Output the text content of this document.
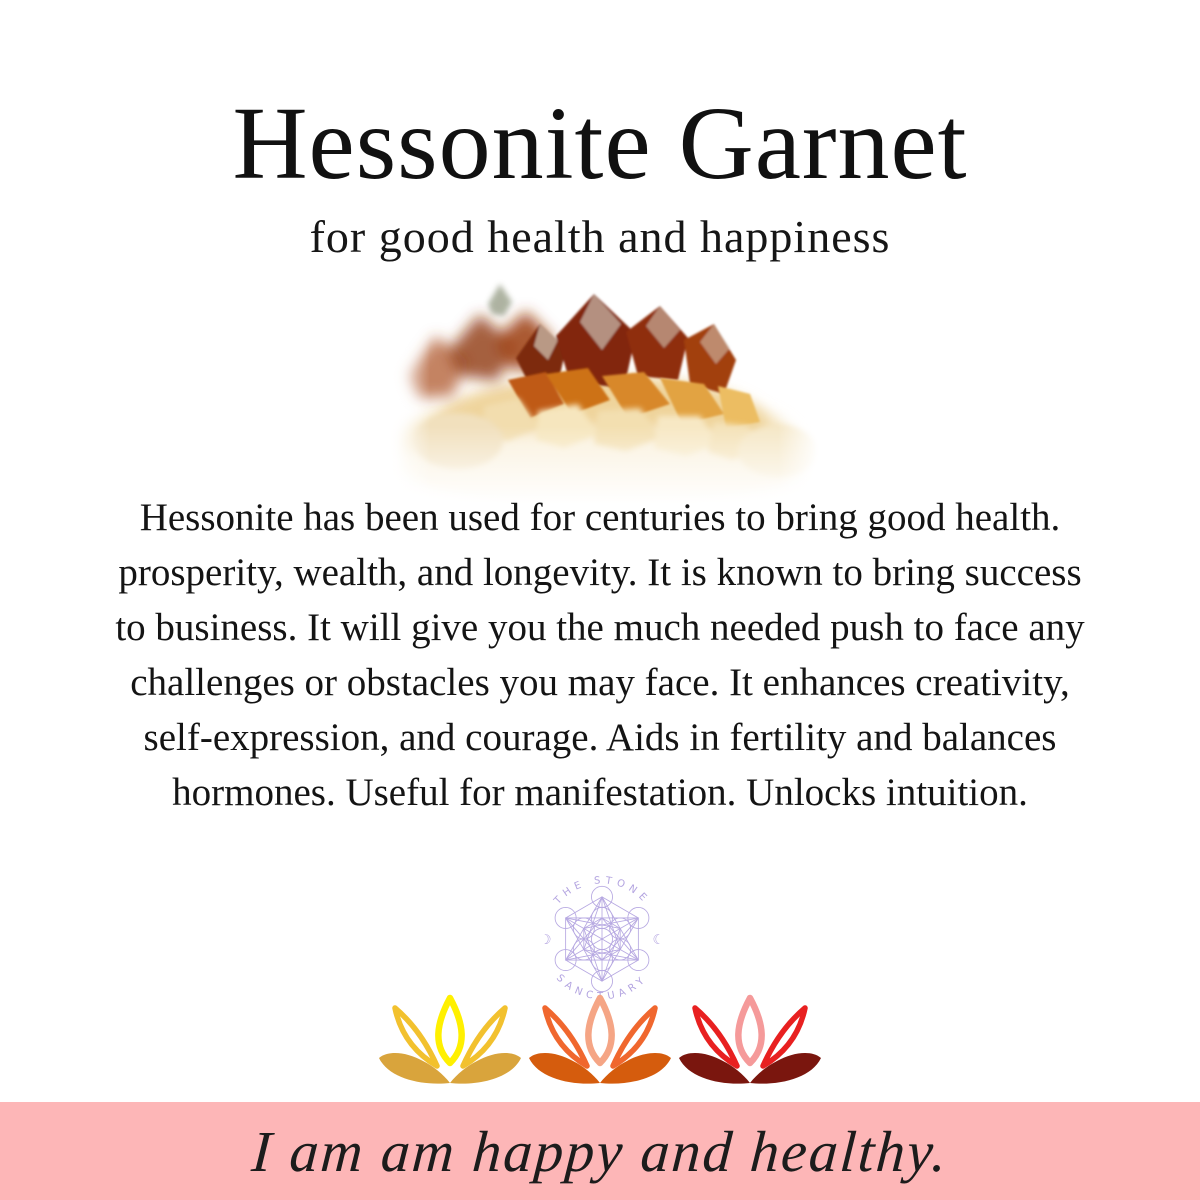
Hessonite Garnet
for good health and happiness

Hessonite has been used for centuries to bring good health. prosperity, wealth, and longevity. It is known to bring success to business. It will give you the much needed push to face any challenges or obstacles you may face. It enhances creativity, self-expression, and courage. Aids in fertility and balances hormones. Useful for manifestation. Unlocks intuition.

THE STONE
SANCTUARY
☽	☾
I am am happy and healthy.
